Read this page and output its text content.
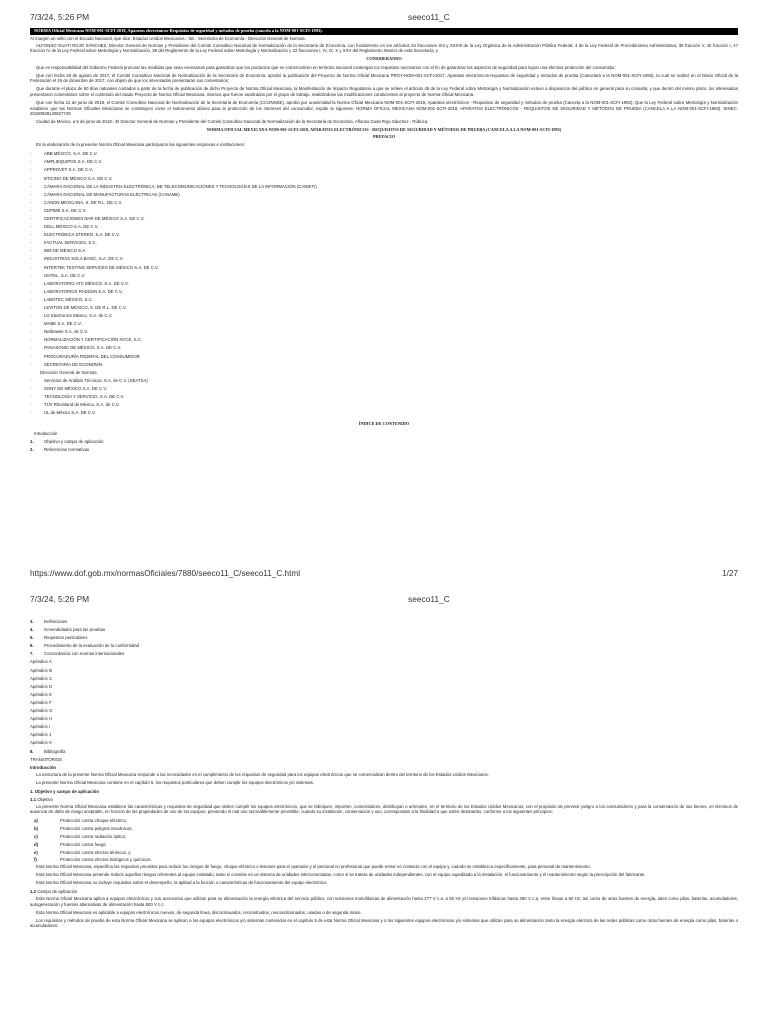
7/3/24, 5:26 PM	seeco11_C
NORMA Oficial Mexicana NOM-001-SCFI-2018, Aparatos electrónicos-Requisitos de seguridad y métodos de prueba (cancela a la NOM-001-SCFI-1993).
Al margen un sello con el Escudo Nacional, que dice: Estados Unidos Mexicanos.- SE.- Secretaría de Economía.- Dirección General de Normas.

ALFONSO GUATI ROJO SÁNCHEZ, Director General de Normas y Presidente del Comité Consultivo Nacional de Normalización de la Secretaría de Economía, con fundamento en los artículos 34 fracciones XIII y XXXIII de la Ley Orgánica de la Administración Pública Federal; 4 de la Ley Federal de Procedimiento Administrativo; 39 fracción V, 40 fracción I, 47 fracción IV de la Ley Federal sobre Metrología y Normalización, 39 del Reglamento de la Ley Federal sobre Metrología y Normalización y 22 fracciones I, IV, IX, X y XXV del Reglamento Interior de esta Secretaría, y

CONSIDERANDO

Que es responsabilidad del Gobierno Federal procurar las medidas que sean necesarias para garantizar que los productos que se comercialicen en territorio nacional contengan los requisitos necesarios con el fin de garantizar los aspectos de seguridad para lograr una efectiva protección del consumidor;

Que con fecha 28 de agosto de 2017, el Comité Consultivo Nacional de Normalización de la Secretaría de Economía, aprobó la publicación del Proyecto de Norma Oficial Mexicana PROY-NOM-001-SCFI-2017, Aparatos electrónicos-requisitos de seguridad y métodos de prueba (Cancelará a la NOM-001-SCFI-1993), la cual se realizó en el Diario Oficial de la Federación el 19 de diciembre de 2017, con objeto de que los interesados presentaran sus comentarios;

Que durante el plazo de 60 días naturales contados a partir de la fecha de publicación de dicho Proyecto de Norma Oficial Mexicana, la Manifestación de Impacto Regulatorio a que se refiere el artículo 45 de la Ley Federal sobre Metrología y Normalización estuvo a disposición del público en general para su consulta; y que dentro del mismo plazo, los interesados presentaron comentarios sobre el contenido del citado Proyecto de Norma Oficial Mexicana, mismos que fueron analizados por el grupo de trabajo, realizándose las modificaciones conducentes al proyecto de Norma Oficial Mexicana.

Que con fecha 21 de junio de 2018, el Comité Consultivo Nacional de Normalización de la Secretaría de Economía (CCONNSE), aprobó por unanimidad la Norma Oficial Mexicana NOM-001-SCFI-2018, Aparatos electrónicos - Requisitos de seguridad y métodos de prueba (Cancela a la NOM-001-SCFI-1993); Que la Ley Federal sobre Metrología y Normalización establece que las Normas Oficiales Mexicanas se constituyen como el instrumento idóneo para la protección de los intereses del consumidor, expide la siguiente: NORMA OFICIAL MEXICANA NOM-001-SCFI-2018, APARATOS ELECTRÓNICOS - REQUISITOS DE SEGURIDAD Y MÉTODOS DE PRUEBA (CANCELA A LA NOM-001-SCFI-1993). SINEC- 20180928140827749

Ciudad de México, a 5 de junio de 2018.- El Director General de Normas y Presidente del Comité Consultivo Nacional de Normalización de la Secretaría de Economía, Alfonso Guati Rojo Sánchez.- Rúbrica.

NORMA OFICIAL MEXICANA NOM-001-SCFI-2018, APARATOS ELECTRÓNICOS - REQUISITOS DE SEGURIDAD Y MÉTODOS DE PRUEBA (CANCELA A LA NOM-001-SCFI-1993)

PREFACIO

En la elaboración de la presente Norma Oficial Mexicana participaron las siguientes empresas e instituciones:

-	ABB MÉXICO, S.A. DE C.V.
-	AMPLIEQUIPOS S.A. DE C.V.
-	APPROVET S.A. DE C.V.
-	BTICINO DE MÉXICO S.A. DE C.V.
-	CÁMARA NACIONAL DE LA INDUSTRIA ELECTRÓNICA, DE TELECOMUNICACIONES Y TECNOLOGÍAS DE LA INFORMACIÓN (CANIETI)
-	CÁMARA NACIONAL DE MANUFACTURAS ELÉCTRICAS (CANAME)
-	CANON MEXICANA, S. DE R.L. DE C.V.
-	CEPIME S.A. DE C.V.
-	CERTIFICACIONES NHR DE MÉXICO S.A. DE C.V.
-	DELL MÉXICO S.A. DE C.V.
-	ELECTRÓNICA STEREN, S.A. DE C.V.
-	FACTUAL SERVICES, S.C.
-	IBM DE MÉXICO S.A.
-	INDUSTRIAS SOLA BASIC, S.A. DE C.V.
-	INTERTEK TESTING SERVICES DE MÉXICO S.A. DE C.V.
-	ISATEL, S.A. DE C.V.
-	LABORATORIO ATC MÉXICO, S.A. DE C.V.
-	LABORATORIOS RADSON S.A. DE C.V.
-	LABOTEC MÉXICO, S.C.
-	LEVITON DE MÉXICO, S. DE R.L. DE C.V.
-	LG Electronics México, S.A. de C.V.
-	MABE S.A. DE C.V.
-	Netbrawte S.A. de C.V.
-	NORMALIZACIÓN Y CERTIFICACIÓN NYCE, S.C.
-	PANASONIC DE MÉXICO, S.A. DE C.V.
-	PROCURADURÍA FEDERAL DEL CONSUMIDOR
-	SECRETARÍA DE ECONOMÍA
Dirección General de Normas
-	Servicios de Análisis Técnicos, S.A. de C.V. (SEATSA)
-	SONY DE MÉXICO S.A. DE C.V.
-	TECNOLOGÍA Y SERVICIO, S.A. DE C.V.
-	TÜV Rheinland de México, S.A. de C.V.
-	UL de México S.A. DE C.V.

ÍNDICE DE CONTENIDO

Introducción
1.	Objetivo y campo de aplicación
2.	Referencias normativas
https://www.dof.gob.mx/normasOficiales/7880/seeco11_C/seeco11_C.html	1/27
7/3/24, 5:26 PM	seeco11_C
3.	Definiciones
4.	Generalidades para las pruebas
5.	Requisitos particulares
6.	Procedimiento de la evaluación de la conformidad
7.	Concordancia con normas internacionales
Apéndice A
Apéndice B
Apéndice C
Apéndice D
Apéndice E
Apéndice F
Apéndice G
Apéndice H
Apéndice I
Apéndice J
Apéndice K
8.	Bibliografía
TRANSITORIOS
Introducción

La estructura de la presente Norma Oficial Mexicana responde a las necesidades en el cumplimiento de los requisitos de seguridad para los equipos electrónicos que se comercializan dentro del territorio de los Estados Unidos Mexicanos.

La presente Norma Oficial Mexicana contiene en el capítulo 5, los requisitos particulares que deben cumplir los equipos electrónicos y/o sistemas.

1. Objetivo y campo de aplicación
1.1 Objetivo

La presente Norma Oficial Mexicana establece las características y requisitos de seguridad que deben cumplir los equipos electrónicos, que se fabriquen, importen, comercialicen, distribuyan o arrienden, en el territorio de los Estados Unidos Mexicanos, con el propósito de prevenir peligro a los consumidores y para la conservación de sus bienes, en términos de ausencia de daño de riesgo aceptable, en función de las propiedades de uso de los equipos, previendo el mal uso razonablemente previsible, cuando su instalación, conservación y uso, correspondan a la finalidad a que estén destinados, conforme a los siguientes principios:

a)	Protección contra choque eléctrico;
b)	Protección contra peligros mecánicos;
c)	Protección contra radiación óptica;
d)	Protección contra fuego;
e)	Protección contra efectos térmicos, y
f)	Protección contra efectos biológicos y químicos.

Esta Norma Oficial Mexicana, especifica los requisitos previstos para reducir los riesgos de fuego, choque eléctrico o lesiones para el operador y el personal no profesional que puede entrar en contacto con el equipo y, cuando se establezca específicamente, para personal de mantenimiento.

Esta Norma Oficial Mexicana pretende reducir aquellos riesgos referentes al equipo instalado, tanto si consiste en un sistema de unidades interconectadas, como si se tratara de unidades independientes, con el equipo supeditado a la instalación, el funcionamiento y el mantenimiento según la prescripción del fabricante.

Esta Norma Oficial Mexicana no incluye requisitos sobre el desempeño, la aptitud a la función o características de funcionamiento del equipo electrónico.

1.2 Campo de aplicación

Esta Norma Oficial Mexicana aplica a equipos electrónicos y sus accesorios que utilizan para su alimentación la energía eléctrica del servicio público, con tensiones monofásicas de alimentación hasta 277 V c.a. a 60 Hz y/o tensiones trifásicas hasta 480 V c.a. entre líneas a 60 Hz; así como de otras fuentes de energía, tales como pilas, baterías, acumuladores, autogeneración y fuentes alternativas de alimentación hasta 500 V c.c.

Esta Norma Oficial Mexicana es aplicable a equipos electrónicos nuevos, de segunda línea, discontinuados, reconstruidos, reacondicionados, usados o de segunda mano.

Los requisitos y métodos de prueba de esta Norma Oficial Mexicana se aplican a los equipos electrónicos y/o sistemas contenidos en el capítulo 5 de esta Norma Oficial Mexicana y a los siguientes equipos electrónicos y/o sistemas que utilizan para su alimentación tanto la energía eléctrica de las redes públicas como otras fuentes de energía como pilas, baterías o acumuladores:
